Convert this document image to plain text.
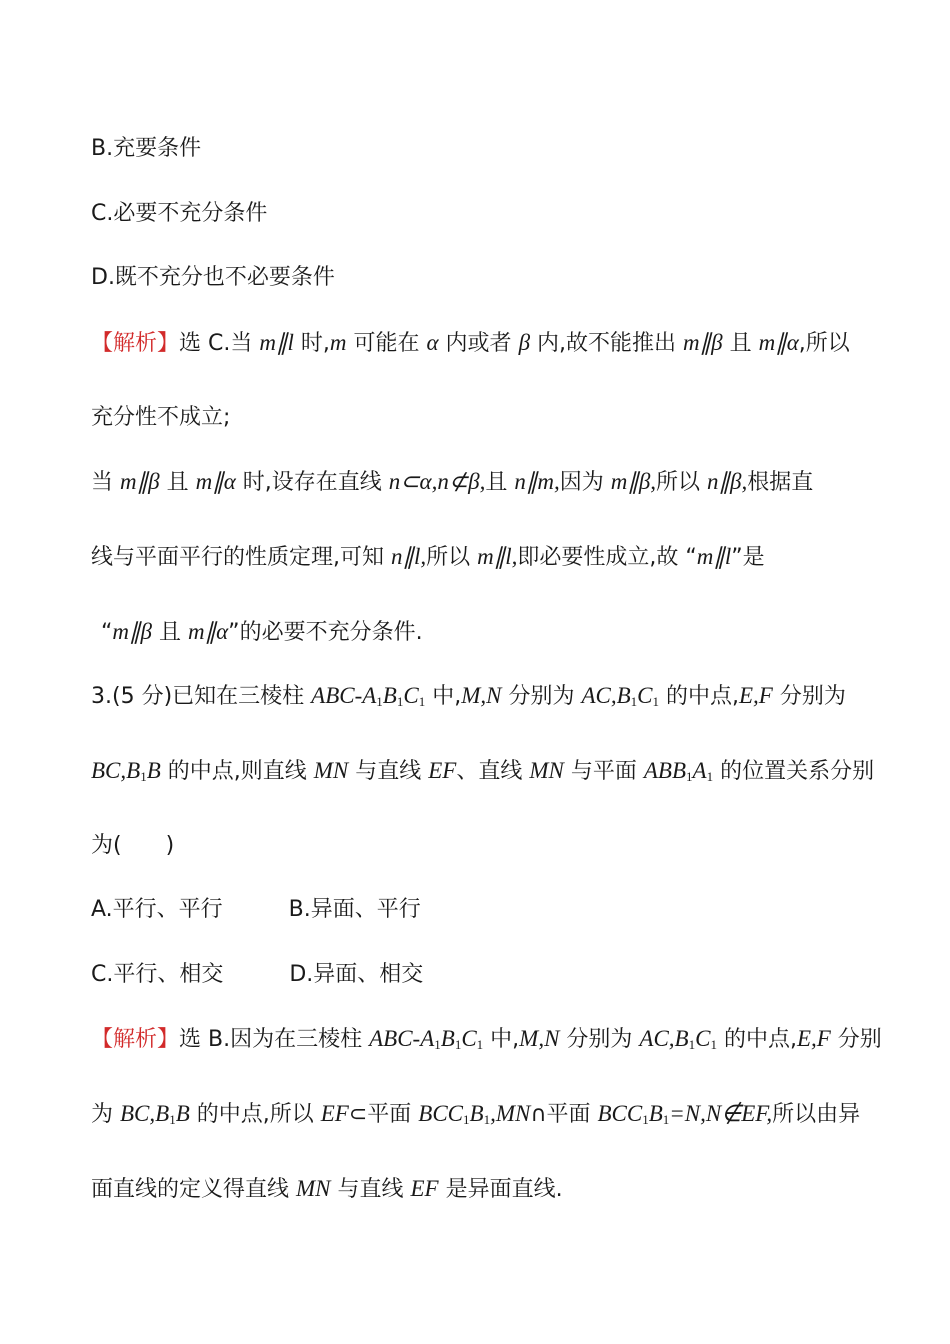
B.充要条件
C.必要不充分条件
D.既不充分也不必要条件
【解析】选 C.当 m∥l 时,m 可能在 α 内或者 β 内,故不能推出 m∥β 且 m∥α,所以
充分性不成立;
当 m∥β 且 m∥α 时,设存在直线 n⊂α,n⊄β,且 n∥m,因为 m∥β,所以 n∥β,根据直
线与平面平行的性质定理,可知 n∥l,所以 m∥l,即必要性成立,故 “m∥l”是
“m∥β 且 m∥α”的必要不充分条件.
3.(5 分)已知在三棱柱 ABC-$A_1B_1C_1$ 中,M,N 分别为 $AC,B_1C_1$ 的中点,E,F 分别为
$BC,B_1B$ 的中点,则直线 MN 与直线 EF、直线 MN 与平面 $ABB_1A_1$ 的位置关系分别
为(　　)
A.平行、平行	B.异面、平行
C.平行、相交	D.异面、相交
【解析】选 B.因为在三棱柱 ABC-$A_1B_1C_1$ 中,M,N 分别为 $AC,B_1C_1$ 的中点,E,F 分别
为 $BC,B_1B$ 的中点,所以 EF⊂平面 $BCC_1B_1,MN\cap$平面 $BCC_1B_1=N,N\notin EF$,所以由异
面直线的定义得直线 MN 与直线 EF 是异面直线.
